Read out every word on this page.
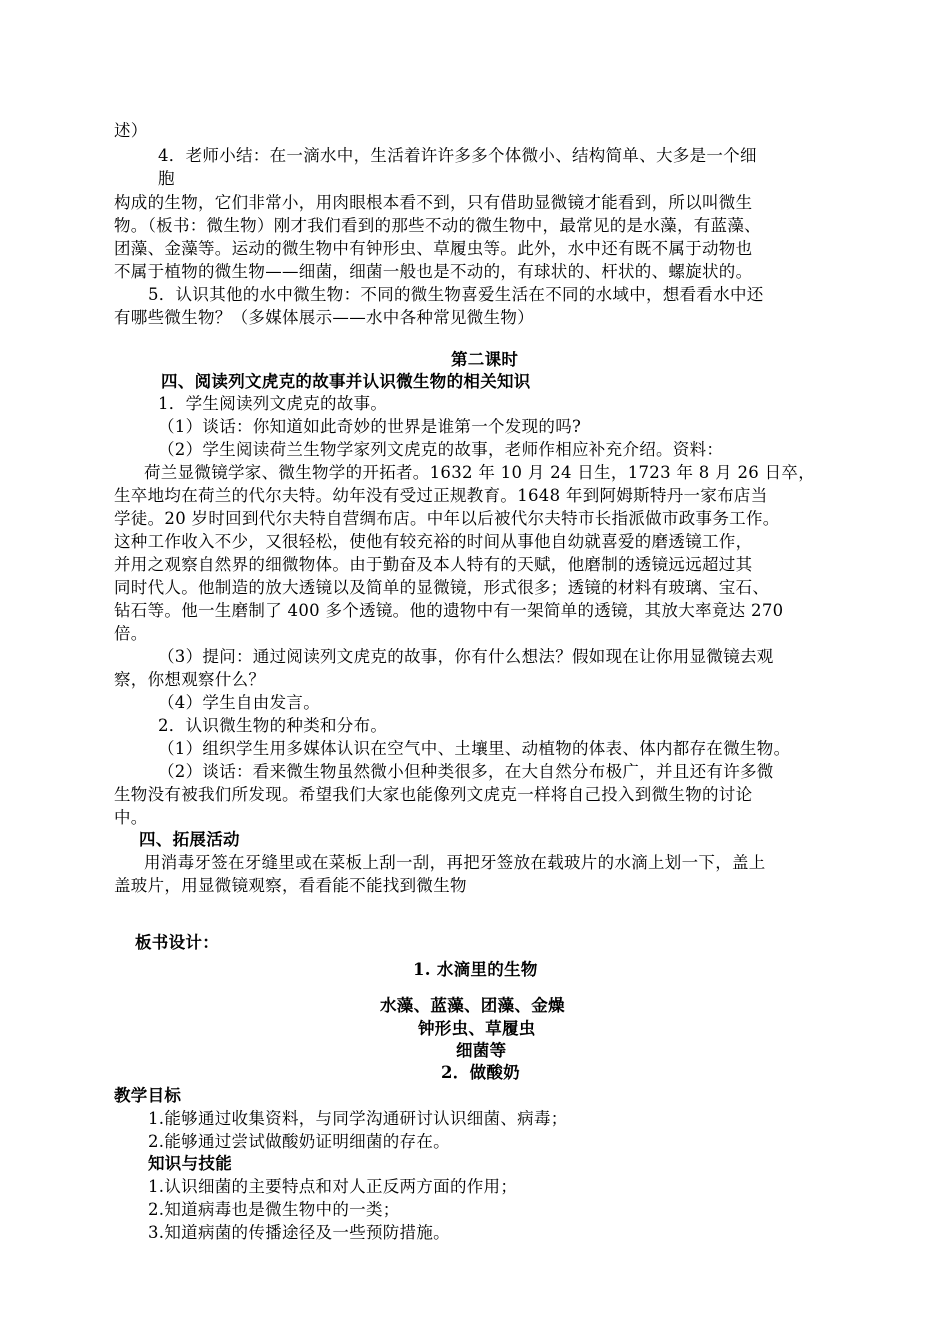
述）
4．老师小结：在一滴水中，生活着许许多多个体微小、结构简单、大多是一个细
胞
构成的生物，它们非常小，用肉眼根本看不到，只有借助显微镜才能看到，所以叫微生
物。（板书：微生物）刚才我们看到的那些不动的微生物中，最常见的是水藻，有蓝藻、
团藻、金藻等。运动的微生物中有钟形虫、草履虫等。此外，水中还有既不属于动物也
不属于植物的微生物——细菌，细菌一般也是不动的，有球状的、杆状的、螺旋状的。
5．认识其他的水中微生物：不同的微生物喜爱生活在不同的水域中，想看看水中还
有哪些微生物？（多媒体展示——水中各种常见微生物）
第二课时
四、阅读列文虎克的故事并认识微生物的相关知识
1．学生阅读列文虎克的故事。
（1）谈话：你知道如此奇妙的世界是谁第一个发现的吗?
（2）学生阅读荷兰生物学家列文虎克的故事，老师作相应补充介绍。资料：
荷兰显微镜学家、微生物学的开拓者。1632 年 10 月 24 日生，1723 年 8 月 26 日卒，
生卒地均在荷兰的代尔夫特。幼年没有受过正规教育。1648 年到阿姆斯特丹一家布店当
学徒。20 岁时回到代尔夫特自营绸布店。中年以后被代尔夫特市长指派做市政事务工作。
这种工作收入不少，又很轻松，使他有较充裕的时间从事他自幼就喜爱的磨透镜工作，
并用之观察自然界的细微物体。由于勤奋及本人特有的天赋，他磨制的透镜远远超过其
同时代人。他制造的放大透镜以及简单的显微镜，形式很多；透镜的材料有玻璃、宝石、
钻石等。他一生磨制了 400 多个透镜。他的遗物中有一架简单的透镜，其放大率竟达 270
倍。
（3）提问：通过阅读列文虎克的故事，你有什么想法？假如现在让你用显微镜去观
察，你想观察什么？
（4）学生自由发言。
2．认识微生物的种类和分布。
（1）组织学生用多媒体认识在空气中、土壤里、动植物的体表、体内都存在微生物。
（2）谈话：看来微生物虽然微小但种类很多，在大自然分布极广，并且还有许多微
生物没有被我们所发现。希望我们大家也能像列文虎克一样将自己投入到微生物的讨论
中。
四、拓展活动
用消毒牙签在牙缝里或在菜板上刮一刮，再把牙签放在载玻片的水滴上划一下，盖上
盖玻片，用显微镜观察，看看能不能找到微生物
板书设计：
1. 水滴里的生物
水藻、蓝藻、团藻、金燥
钟形虫、草履虫
细菌等
2．做酸奶
教学目标
1.能够通过收集资料，与同学沟通研讨认识细菌、病毒；
2.能够通过尝试做酸奶证明细菌的存在。
知识与技能
1.认识细菌的主要特点和对人正反两方面的作用；
2.知道病毒也是微生物中的一类；
3.知道病菌的传播途径及一些预防措施。
